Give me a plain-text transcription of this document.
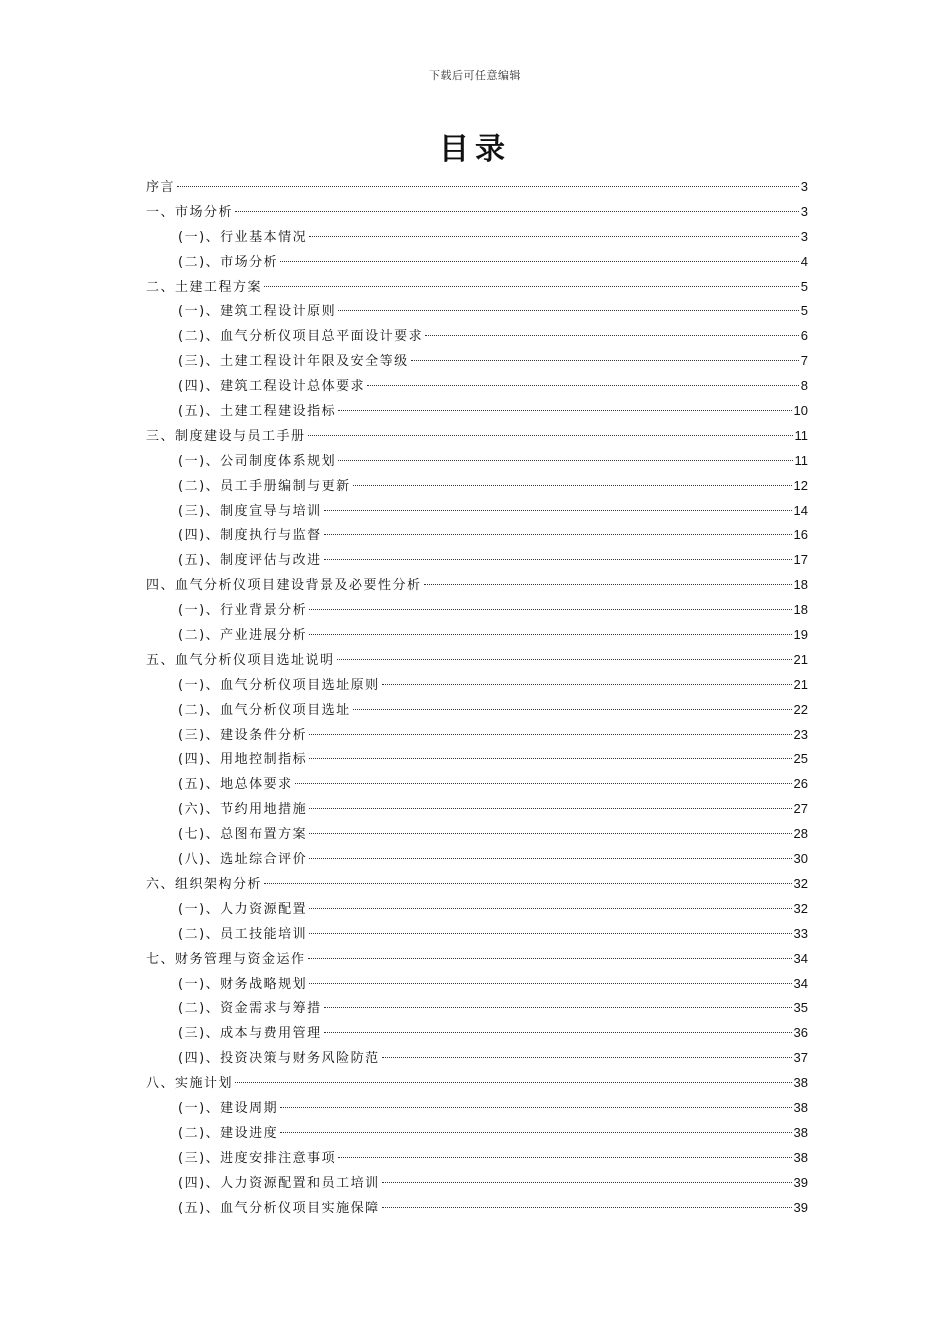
下载后可任意编辑
目录
序言	3
一、市场分析	3
(一)、行业基本情况	3
(二)、市场分析	4
二、土建工程方案	5
(一)、建筑工程设计原则	5
(二)、血气分析仪项目总平面设计要求	6
(三)、土建工程设计年限及安全等级	7
(四)、建筑工程设计总体要求	8
(五)、土建工程建设指标	10
三、制度建设与员工手册	11
(一)、公司制度体系规划	11
(二)、员工手册编制与更新	12
(三)、制度宣导与培训	14
(四)、制度执行与监督	16
(五)、制度评估与改进	17
四、血气分析仪项目建设背景及必要性分析	18
(一)、行业背景分析	18
(二)、产业进展分析	19
五、血气分析仪项目选址说明	21
(一)、血气分析仪项目选址原则	21
(二)、血气分析仪项目选址	22
(三)、建设条件分析	23
(四)、用地控制指标	25
(五)、地总体要求	26
(六)、节约用地措施	27
(七)、总图布置方案	28
(八)、选址综合评价	30
六、组织架构分析	32
(一)、人力资源配置	32
(二)、员工技能培训	33
七、财务管理与资金运作	34
(一)、财务战略规划	34
(二)、资金需求与筹措	35
(三)、成本与费用管理	36
(四)、投资决策与财务风险防范	37
八、实施计划	38
(一)、建设周期	38
(二)、建设进度	38
(三)、进度安排注意事项	38
(四)、人力资源配置和员工培训	39
(五)、血气分析仪项目实施保障	39
